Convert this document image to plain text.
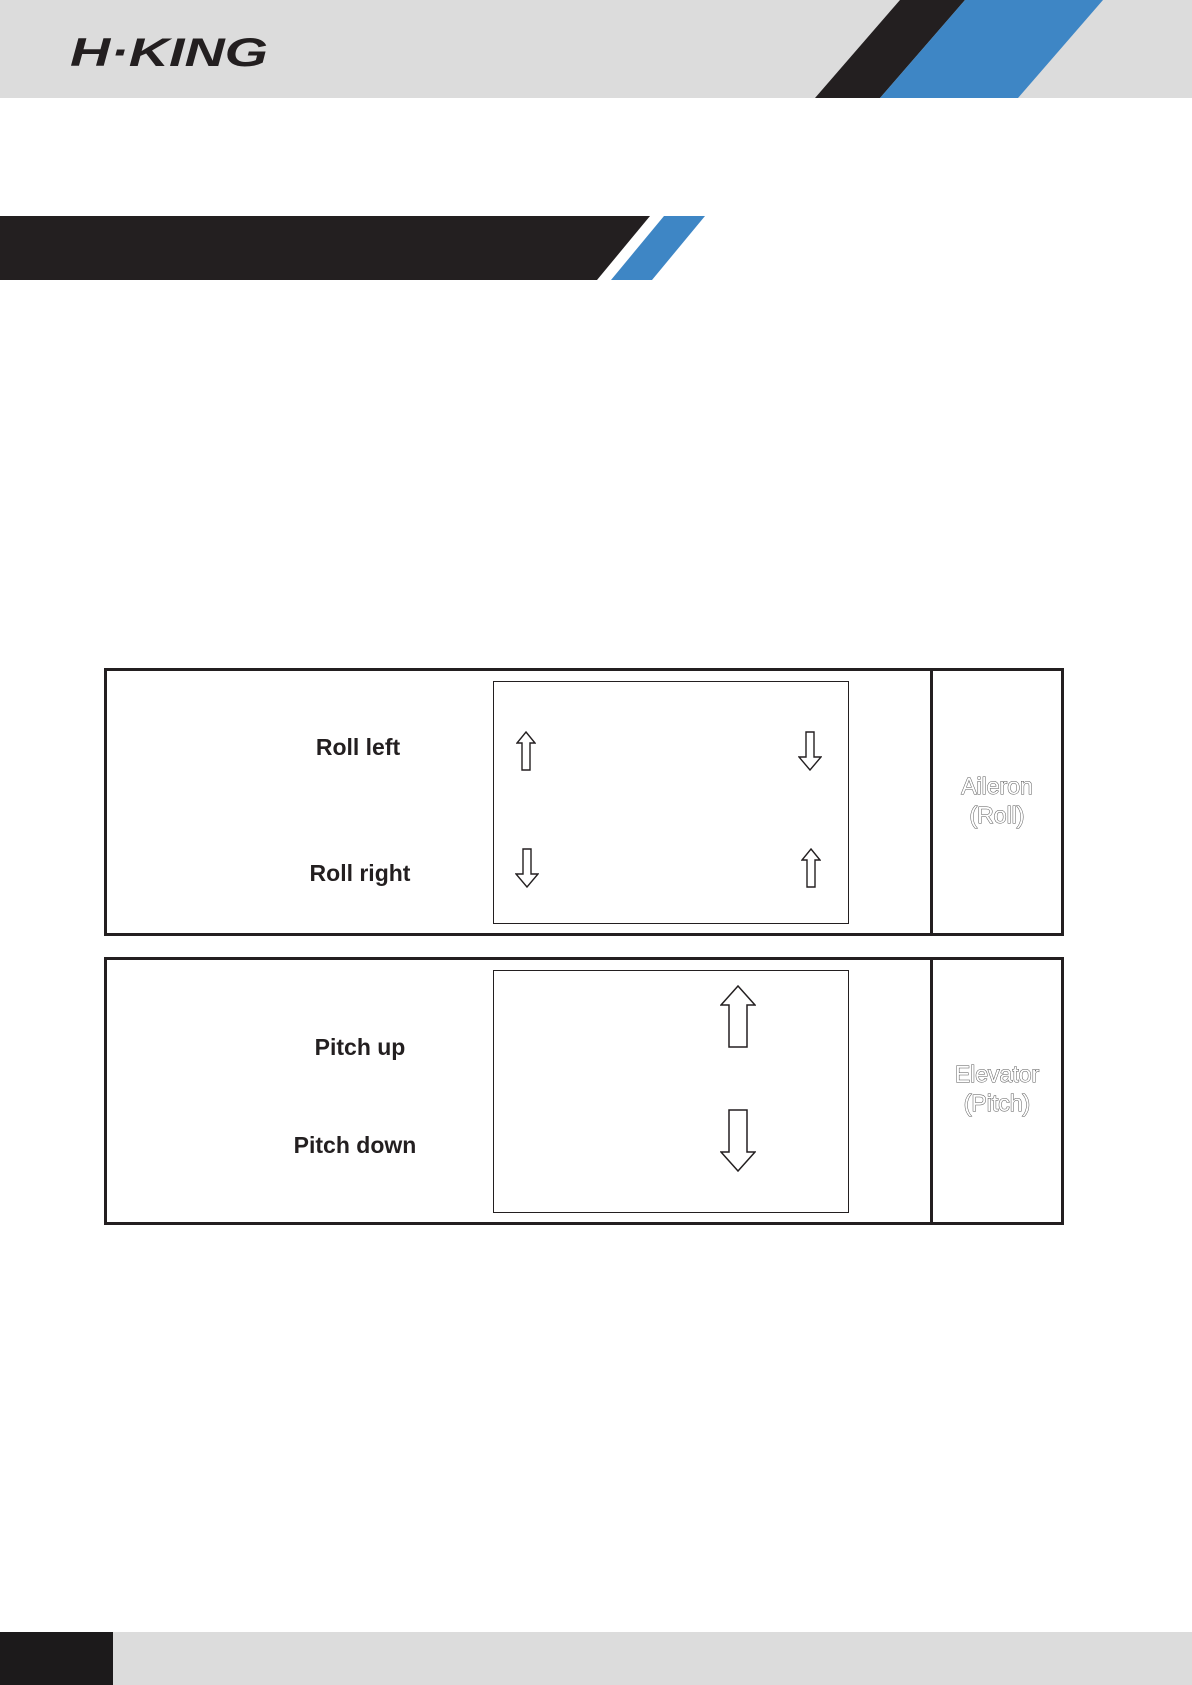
H·KING
Roll left
Roll right
Aileron
(Roll)
Pitch up
Pitch down
Elevator
(Pitch)
